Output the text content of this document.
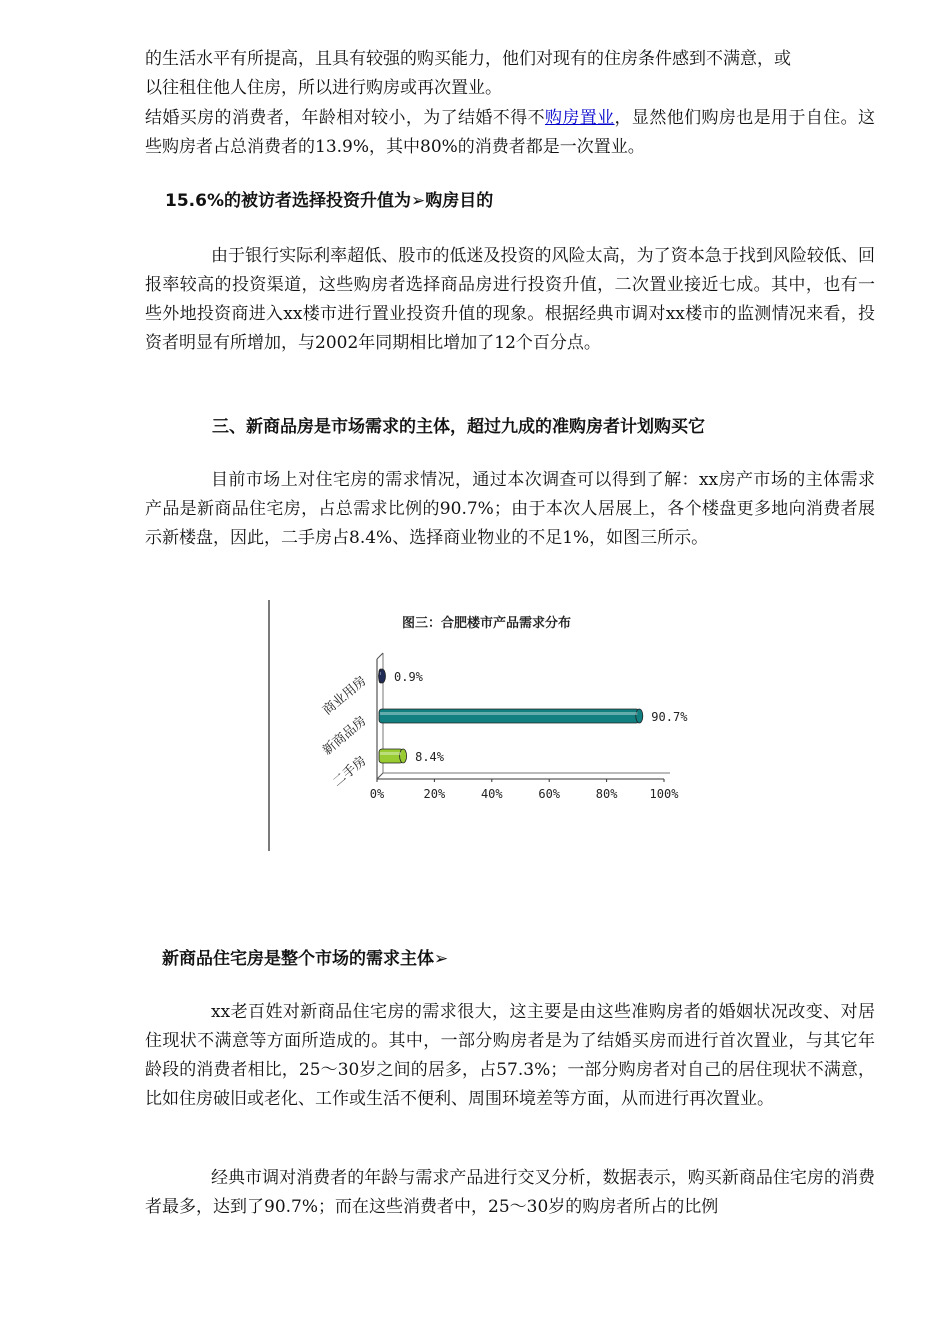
的生活水平有所提高，且具有较强的购买能力，他们对现有的住房条件感到不满意，或
以往租住他人住房，所以进行购房或再次置业。

结婚买房的消费者，年龄相对较小，为了结婚不得不购房置业，显然他们购房也是用于自住。这些购房者占总消费者的13.9%，其中80%的消费者都是一次置业。

15.6%的被访者选择投资升值为➢购房目的

由于银行实际利率超低、股市的低迷及投资的风险太高，为了资本急于找到风险较低、回报率较高的投资渠道，这些购房者选择商品房进行投资升值，二次置业接近七成。其中，也有一些外地投资商进入xx楼市进行置业投资升值的现象。根据经典市调对xx楼市的监测情况来看，投资者明显有所增加，与2002年同期相比增加了12个百分点。

三、新商品房是市场需求的主体，超过九成的准购房者计划购买它

目前市场上对住宅房的需求情况，通过本次调查可以得到了解：xx房产市场的主体需求产品是新商品住宅房，占总需求比例的90.7%；由于本次人居展上，各个楼盘更多地向消费者展示新楼盘，因此，二手房占8.4%、选择商业物业的不足1%，如图三所示。

图三：合肥楼市产品需求分布
0%	20%	40%	60%	80%	100%
0.9%
商业用房	90.7%
新商品房	8.4%
二手房

新商品住宅房是整个市场的需求主体➢

xx老百姓对新商品住宅房的需求很大，这主要是由这些准购房者的婚姻状况改变、对居住现状不满意等方面所造成的。其中，一部分购房者是为了结婚买房而进行首次置业，与其它年龄段的消费者相比，25～30岁之间的居多，占57.3%；一部分购房者对自己的居住现状不满意，比如住房破旧或老化、工作或生活不便利、周围环境差等方面，从而进行再次置业。

经典市调对消费者的年龄与需求产品进行交叉分析，数据表示，购买新商品住宅房的消费者最多，达到了90.7%；而在这些消费者中，25～30岁的购房者所占的比例
